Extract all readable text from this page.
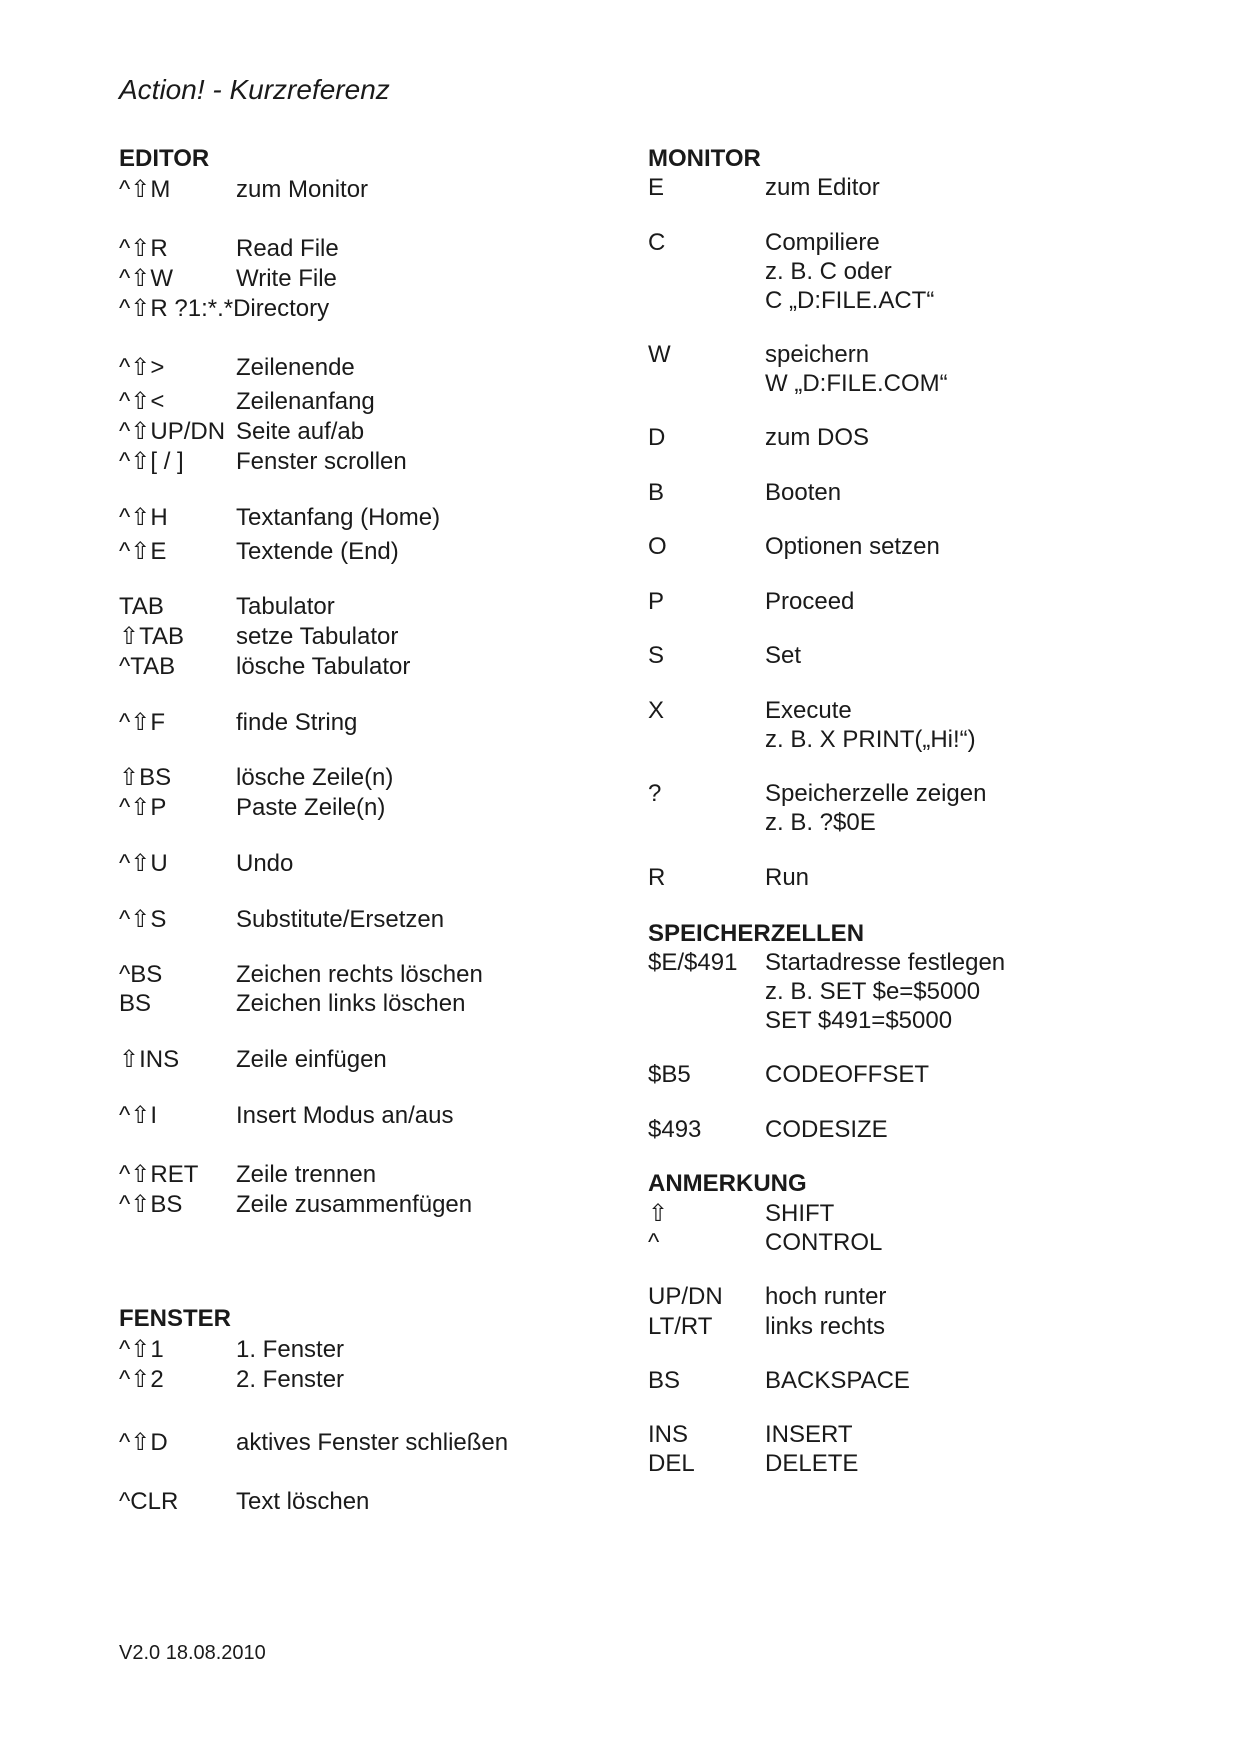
Action! - Kurzreferenz
EDITOR
^⇧M	zum Monitor
^⇧R	Read File
^⇧W	Write File
^⇧R ?1:*.*Directory
^⇧>	Zeilenende
^⇧<	Zeilenanfang
^⇧UP/DN Seite auf/ab
^⇧[ / ] Fenster scrollen
^⇧H	Textanfang (Home)
^⇧E	Textende (End)
TAB	Tabulator
⇧TAB setze Tabulator
^TAB	lösche Tabulator
^⇧F	finde String
⇧BS	lösche Zeile(n)
^⇧P	Paste Zeile(n)
^⇧U	Undo
^⇧S	Substitute/Ersetzen
^BS	Zeichen rechts löschen
BS	Zeichen links löschen
⇧INS Zeile einfügen
^⇧I	Insert Modus an/aus
^⇧RET Zeile trennen
^⇧BS Zeile zusammenfügen
FENSTER
^⇧1	1. Fenster
^⇧2	2. Fenster
^⇧D	aktives Fenster schließen
^CLR Text löschen
MONITOR
E	zum Editor
C	Compiliere
z. B. C oder
C „D:FILE.ACT“
W	speichern
W „D:FILE.COM“
D	zum DOS
B	Booten
O	Optionen setzen
P	Proceed
S	Set
X	Execute
z. B. X PRINT(„Hi!“)
?	Speicherzelle zeigen
z. B. ?$0E
R	Run
SPEICHERZELLEN
$E/$491 Startadresse festlegen
z. B. SET $e=$5000
SET $491=$5000
$B5	CODEOFFSET
$493	CODESIZE
ANMERKUNG
⇧	SHIFT
^	CONTROL
UP/DN hoch runter
LT/RT links rechts
BS	BACKSPACE
INS	INSERT
DEL	DELETE
V2.0 18.08.2010
